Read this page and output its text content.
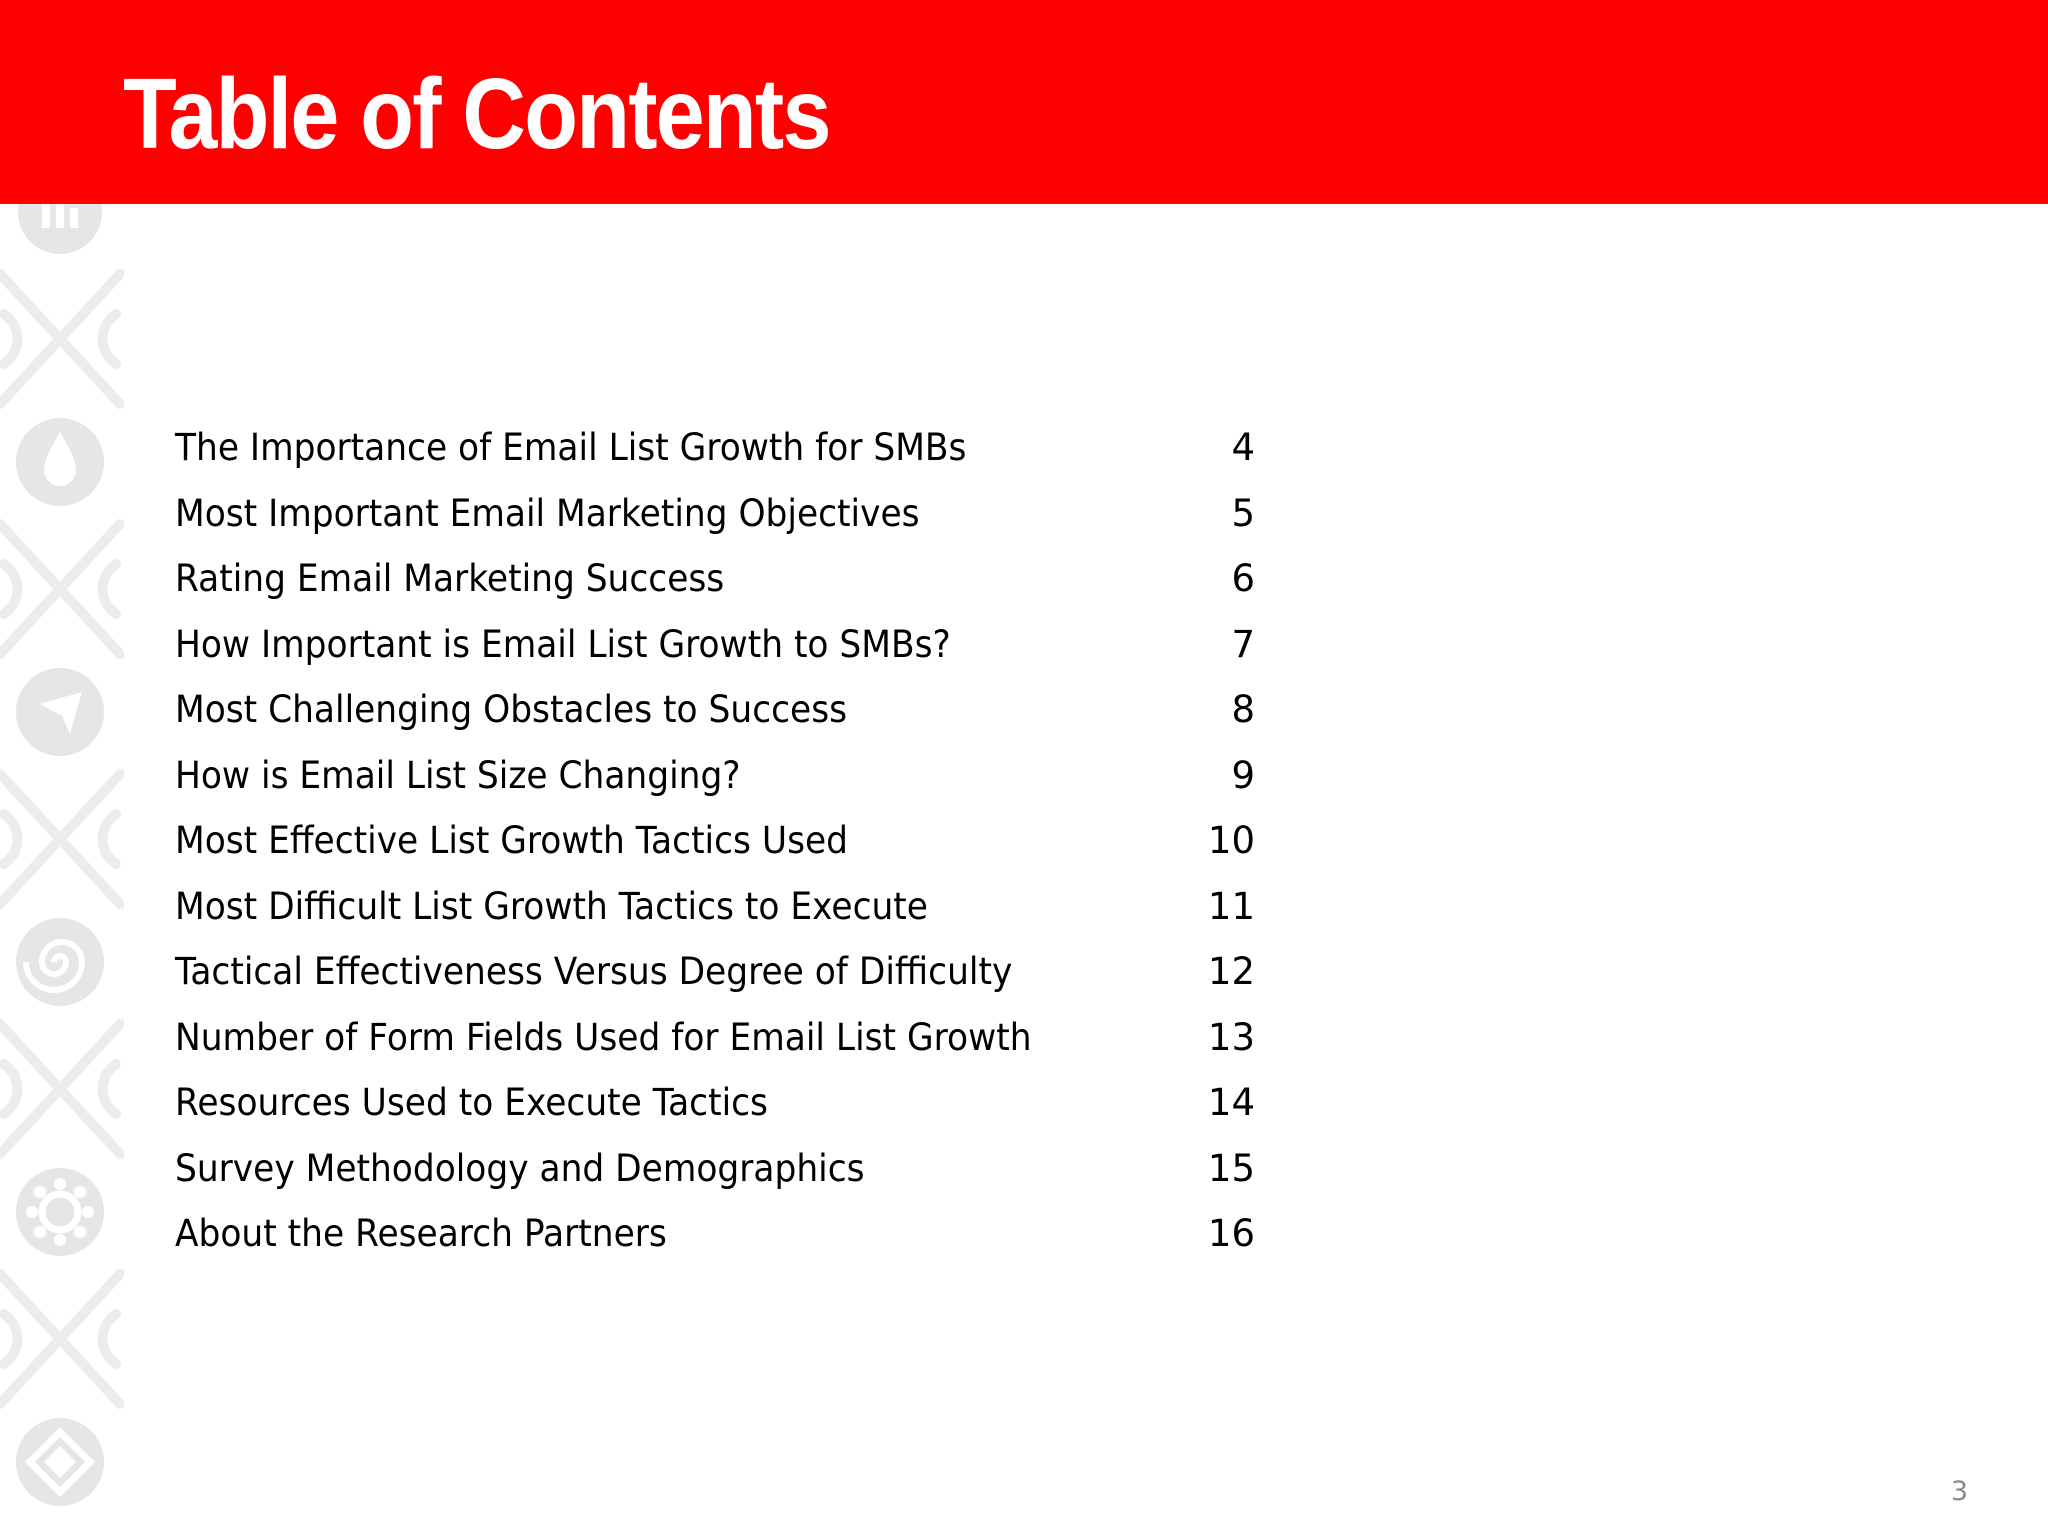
Table of Contents
The Importance of Email List Growth for SMBs	4
Most Important Email Marketing Objectives	5
Rating Email Marketing Success	6
How Important is Email List Growth to SMBs?	7
Most Challenging Obstacles to Success	8
How is Email List Size Changing?	9
Most Effective List Growth Tactics Used	10
Most Difficult List Growth Tactics to Execute	11
Tactical Effectiveness Versus Degree of Difficulty	12
Number of Form Fields Used for Email List Growth	13
Resources Used to Execute Tactics	14
Survey Methodology and Demographics	15
About the Research Partners	16
3
